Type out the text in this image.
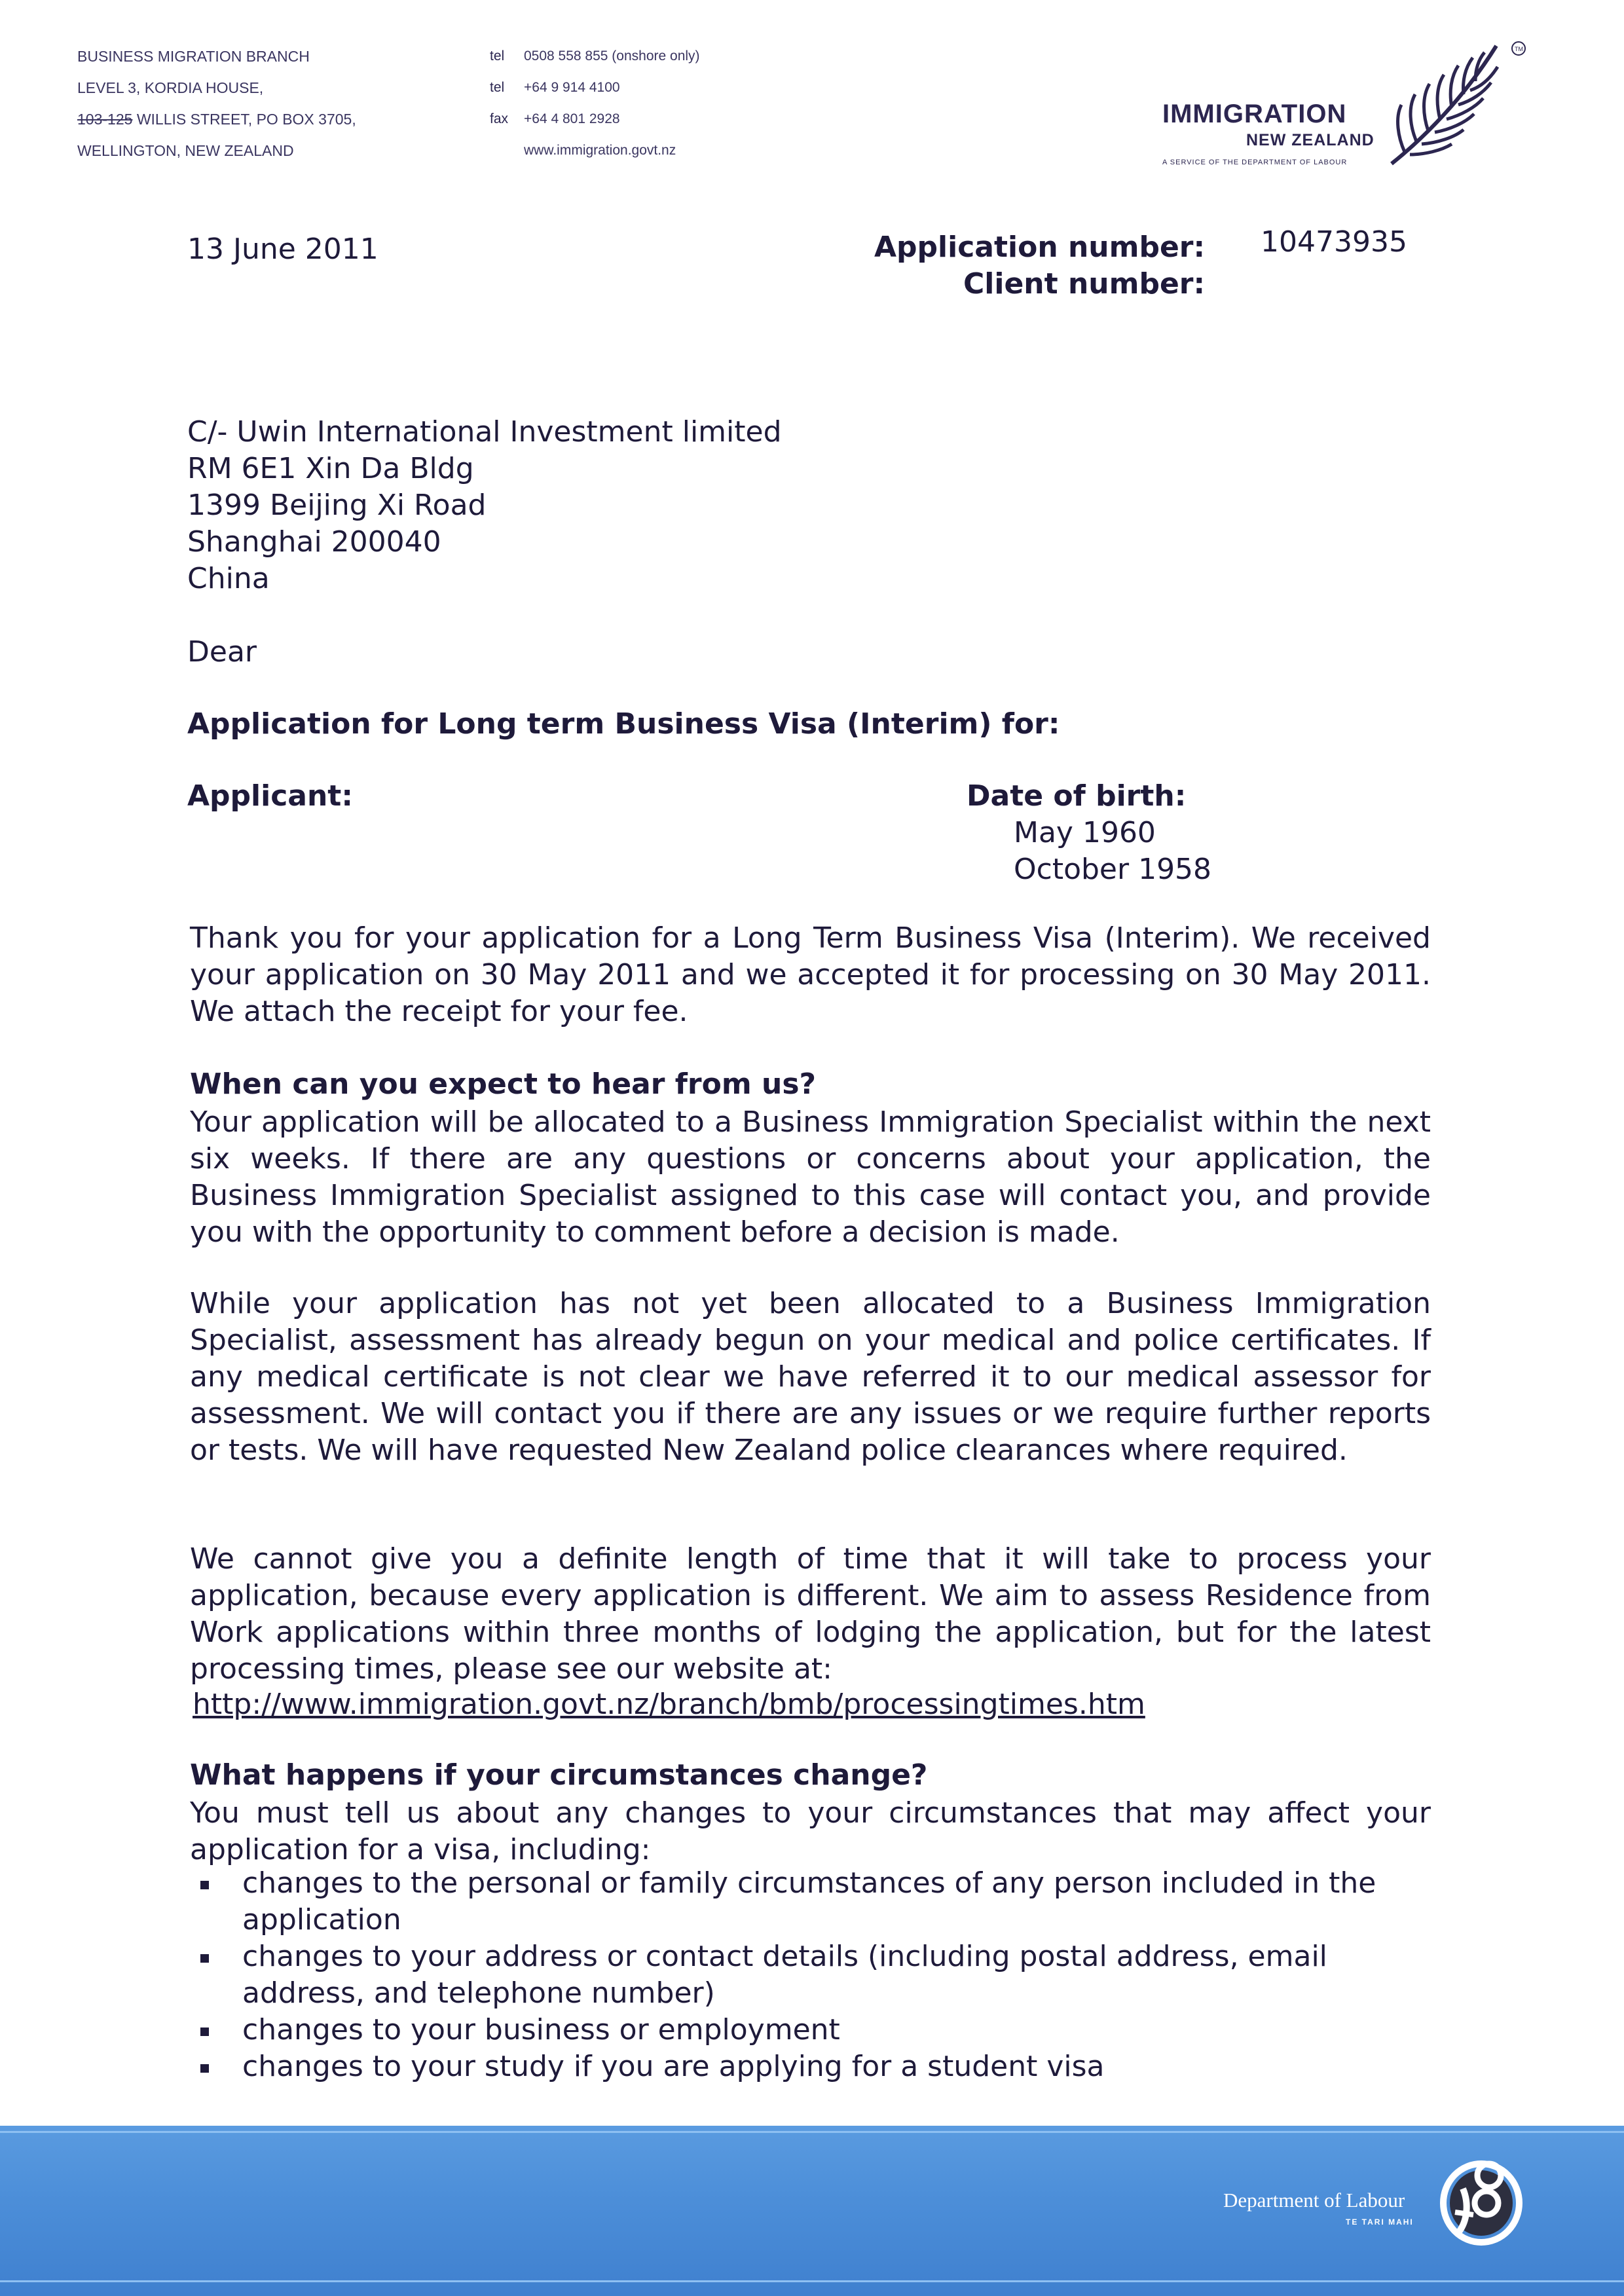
BUSINESS MIGRATION BRANCH
LEVEL 3, KORDIA HOUSE,
103-125 WILLIS STREET, PO BOX 3705,
WELLINGTON, NEW ZEALAND
tel 0508 558 855 (onshore only)
tel +64 9 914 4100
fax +64 4 801 2928
www.immigration.govt.nz
IMMIGRATION
NEW ZEALAND
A SERVICE OF THE DEPARTMENT OF LABOUR
TM
13 June 2011	Application number:
Client number:
10473935
C/- Uwin International Investment limited
RM 6E1 Xin Da Bldg
1399 Beijing Xi Road
Shanghai 200040
China
Dear
Application for Long term Business Visa (Interim) for:
Applicant:	Date of birth:
May 1960
October 1958
Thank you for your application for a Long Term Business Visa (Interim). We received your application on 30 May 2011 and we accepted it for processing on 30 May 2011. We attach the receipt for your fee.
When can you expect to hear from us?
Your application will be allocated to a Business Immigration Specialist within the next six weeks. If there are any questions or concerns about your application, the Business Immigration Specialist assigned to this case will contact you, and provide you with the opportunity to comment before a decision is made.
While your application has not yet been allocated to a Business Immigration Specialist, assessment has already begun on your medical and police certificates. If any medical certificate is not clear we have referred it to our medical assessor for assessment. We will contact you if there are any issues or we require further reports or tests. We will have requested New Zealand police clearances where required.
We cannot give you a definite length of time that it will take to process your application, because every application is different. We aim to assess Residence from Work applications within three months of lodging the application, but for the latest processing times, please see our website at:
http://www.immigration.govt.nz/branch/bmb/processingtimes.htm
What happens if your circumstances change?
You must tell us about any changes to your circumstances that may affect your application for a visa, including:
changes to the personal or family circumstances of any person included in the application
changes to your address or contact details (including postal address, email address, and telephone number)
changes to your business or employment
changes to your study if you are applying for a student visa
Department of Labour
TE TARI MAHI
